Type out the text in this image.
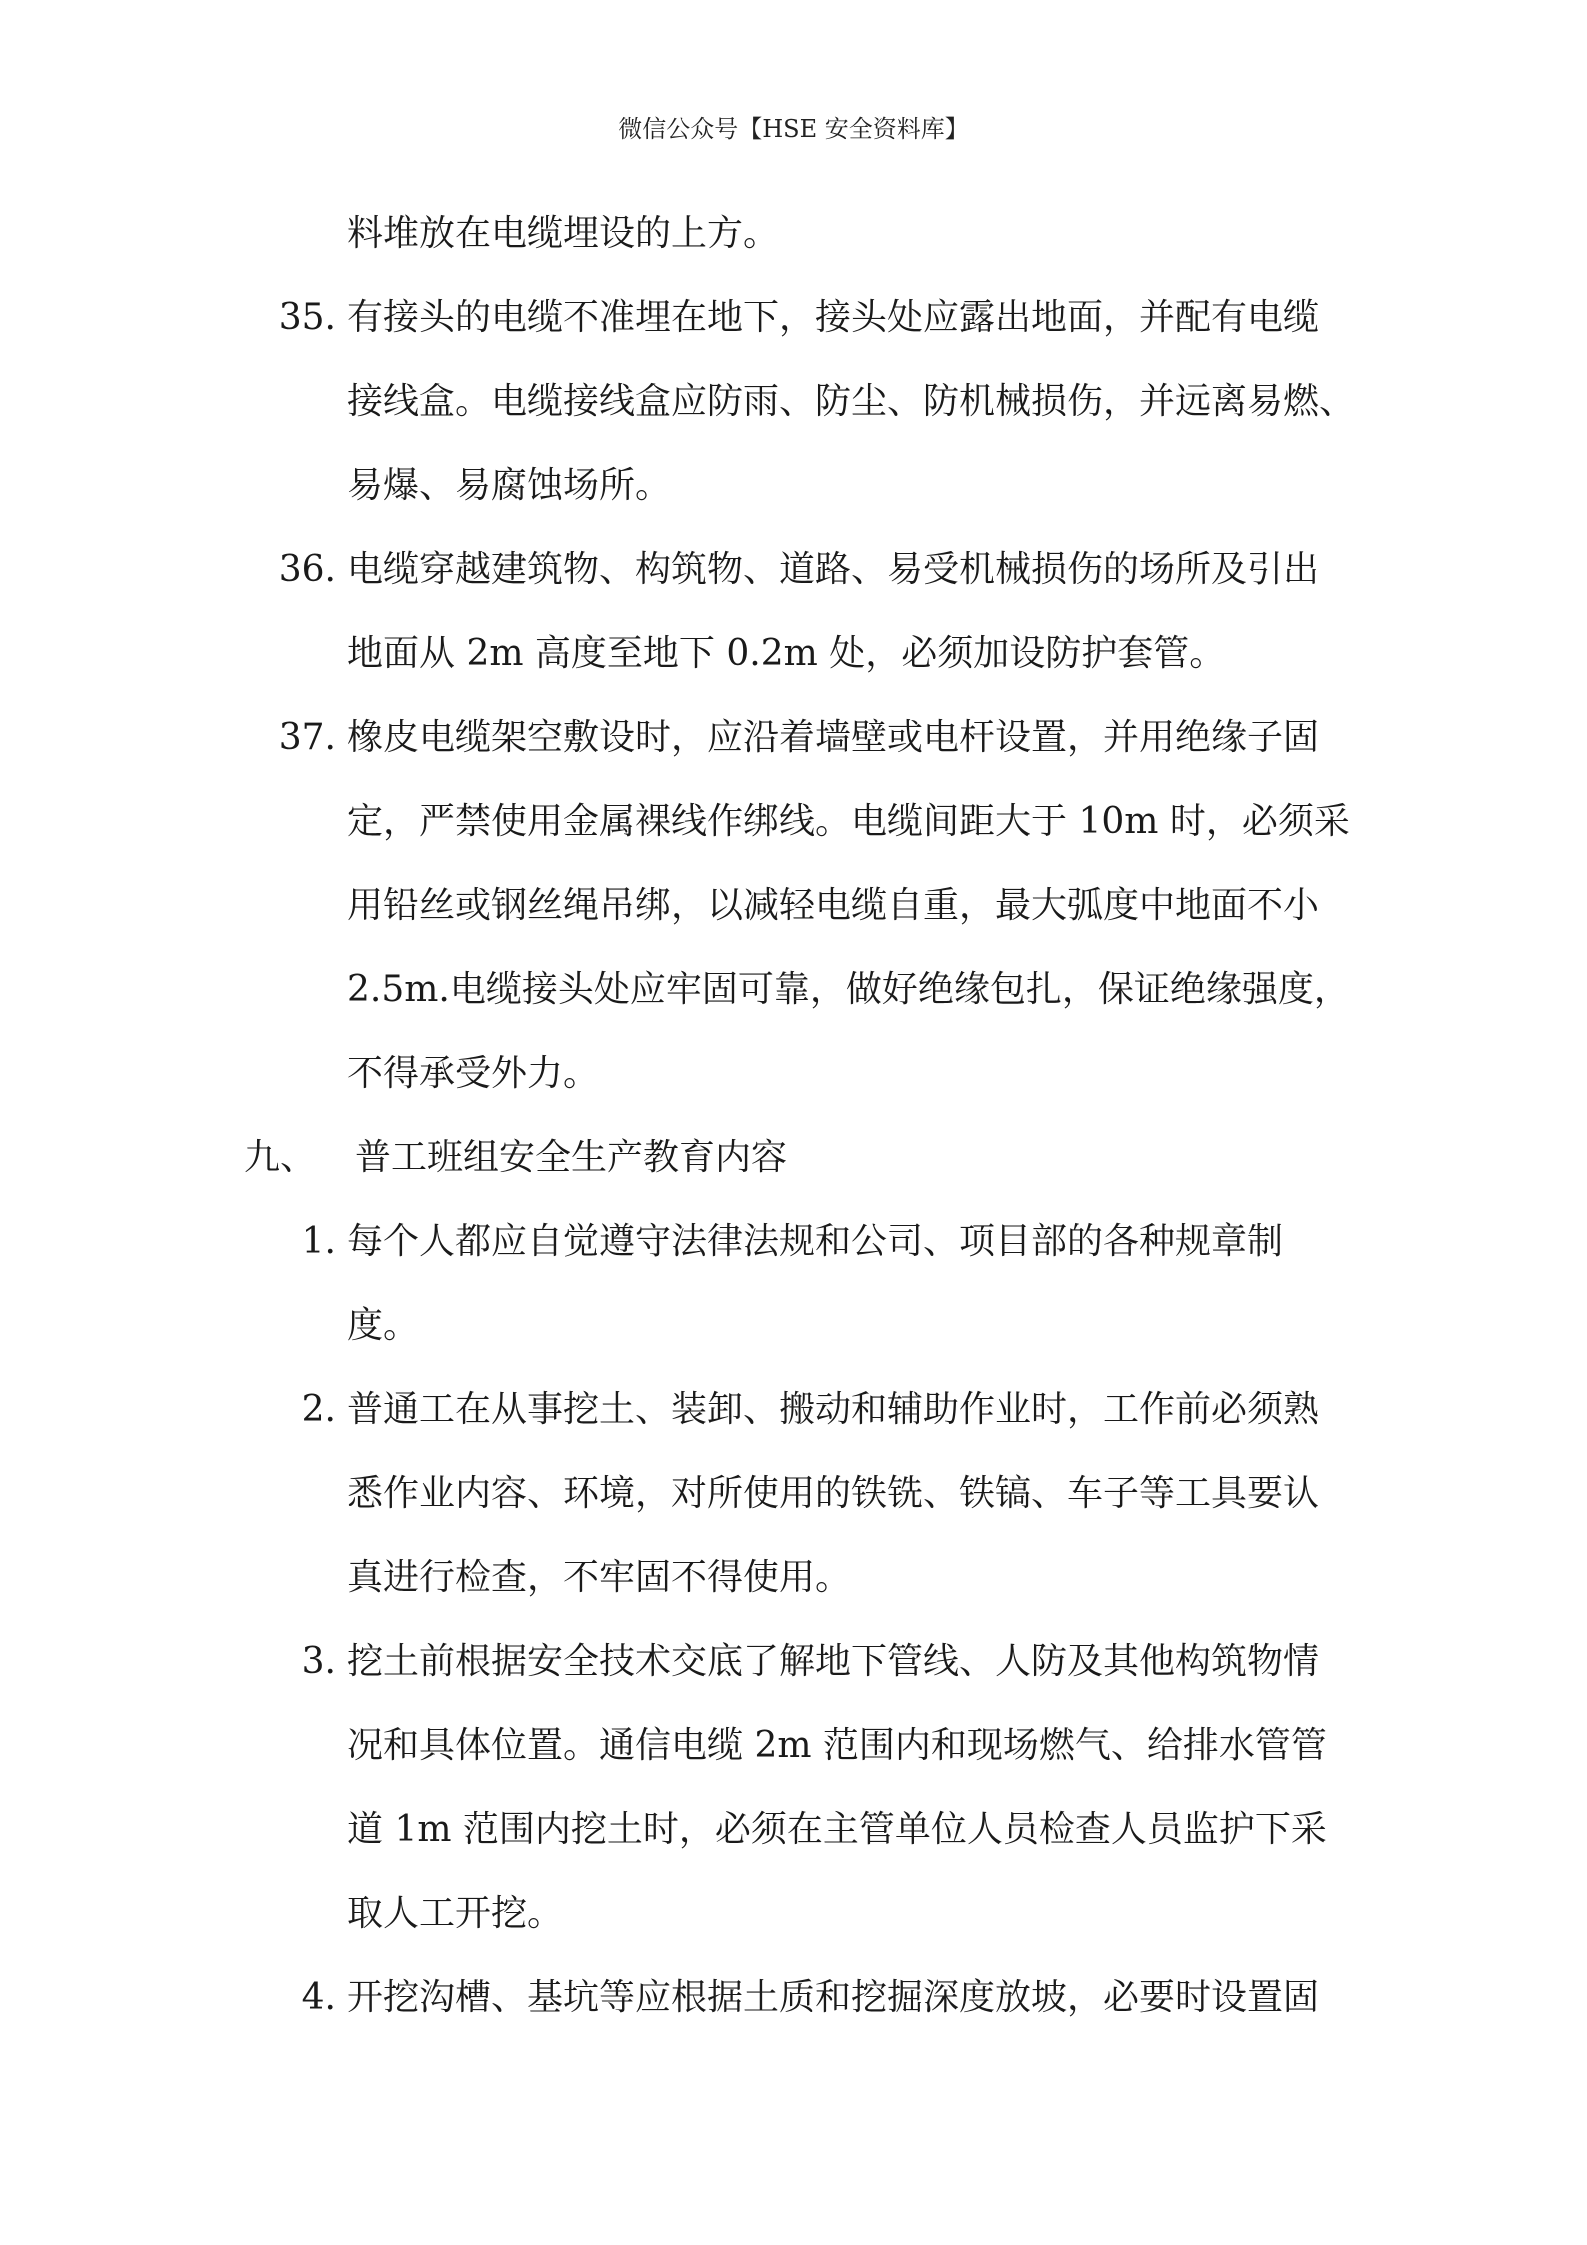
微信公众号【HSE 安全资料库】
料堆放在电缆埋设的上方。
35. 有接头的电缆不准埋在地下，接头处应露出地面，并配有电缆
接线盒。电缆接线盒应防雨、防尘、防机械损伤，并远离易燃、
易爆、易腐蚀场所。
36. 电缆穿越建筑物、构筑物、道路、易受机械损伤的场所及引出
地面从 2m 高度至地下 0.2m 处，必须加设防护套管。
37. 橡皮电缆架空敷设时，应沿着墙壁或电杆设置，并用绝缘子固
定，严禁使用金属裸线作绑线。电缆间距大于 10m 时，必须采
用铅丝或钢丝绳吊绑，以减轻电缆自重，最大弧度中地面不小
2.5m.电缆接头处应牢固可靠，做好绝缘包扎，保证绝缘强度，
不得承受外力。
九、 普工班组安全生产教育内容
1. 每个人都应自觉遵守法律法规和公司、项目部的各种规章制
度。
2. 普通工在从事挖土、装卸、搬动和辅助作业时，工作前必须熟
悉作业内容、环境，对所使用的铁铣、铁镐、车子等工具要认
真进行检查，不牢固不得使用。
3. 挖土前根据安全技术交底了解地下管线、人防及其他构筑物情
况和具体位置。通信电缆 2m 范围内和现场燃气、给排水管管
道 1m 范围内挖土时，必须在主管单位人员检查人员监护下采
取人工开挖。
4. 开挖沟槽、基坑等应根据土质和挖掘深度放坡，必要时设置固
